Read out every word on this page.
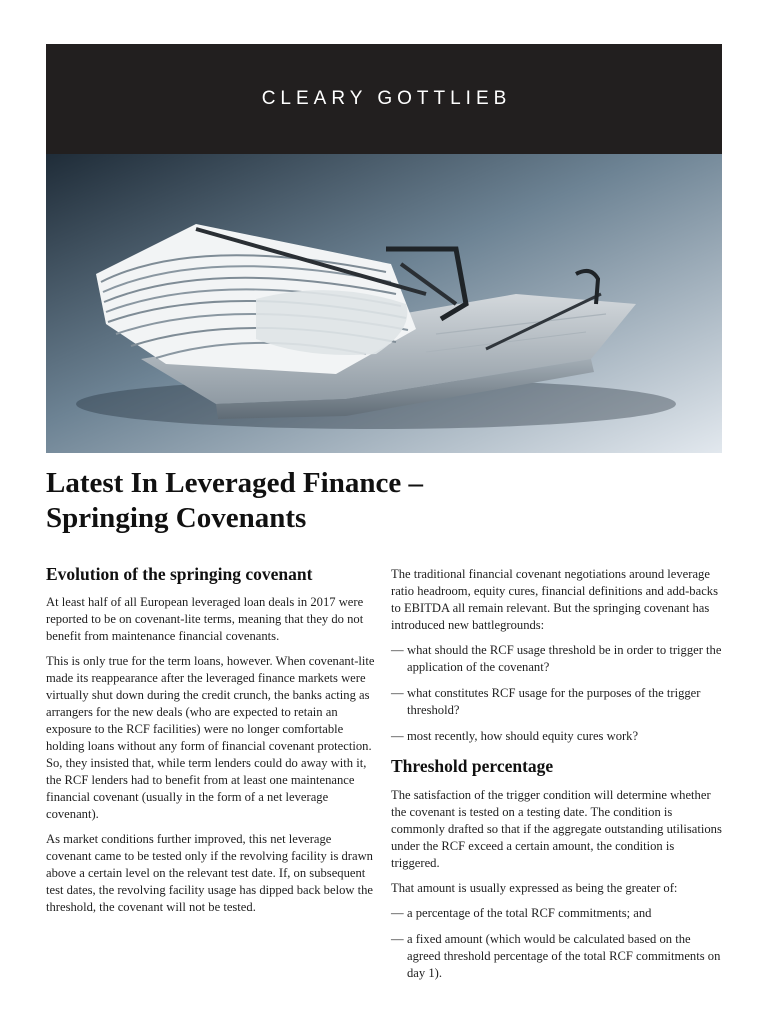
CLEARY GOTTLIEB
Latest In Leveraged Finance –
Springing Covenants
Evolution of the springing covenant

At least half of all European leveraged loan deals in 2017 were reported to be on covenant-lite terms, meaning that they do not benefit from maintenance financial covenants.

This is only true for the term loans, however. When covenant-lite made its reappearance after the leveraged finance markets were virtually shut down during the credit crunch, the banks acting as arrangers for the new deals (who are expected to retain an exposure to the RCF facilities) were no longer comfortable holding loans without any form of financial covenant protection. So, they insisted that, while term lenders could do away with it, the RCF lenders had to benefit from at least one maintenance financial covenant (usually in the form of a net leverage covenant).

As market conditions further improved, this net leverage covenant came to be tested only if the revolving facility is drawn above a certain level on the relevant test date. If, on subsequent test dates, the revolving facility usage has dipped back below the threshold, the covenant will not be tested.

The traditional financial covenant negotiations around leverage ratio headroom, equity cures, financial definitions and add-backs to EBITDA all remain relevant. But the springing covenant has introduced new battlegrounds:

— what should the RCF usage threshold be in order to trigger the application of the covenant?
— what constitutes RCF usage for the purposes of the trigger threshold?
— most recently, how should equity cures work?
Threshold percentage

The satisfaction of the trigger condition will determine whether the covenant is tested on a testing date. The condition is commonly drafted so that if the aggregate outstanding utilisations under the RCF exceed a certain amount, the condition is triggered.

That amount is usually expressed as being the greater of:

— a percentage of the total RCF commitments; and
— a fixed amount (which would be calculated based on the agreed threshold percentage of the total RCF commitments on day 1).
